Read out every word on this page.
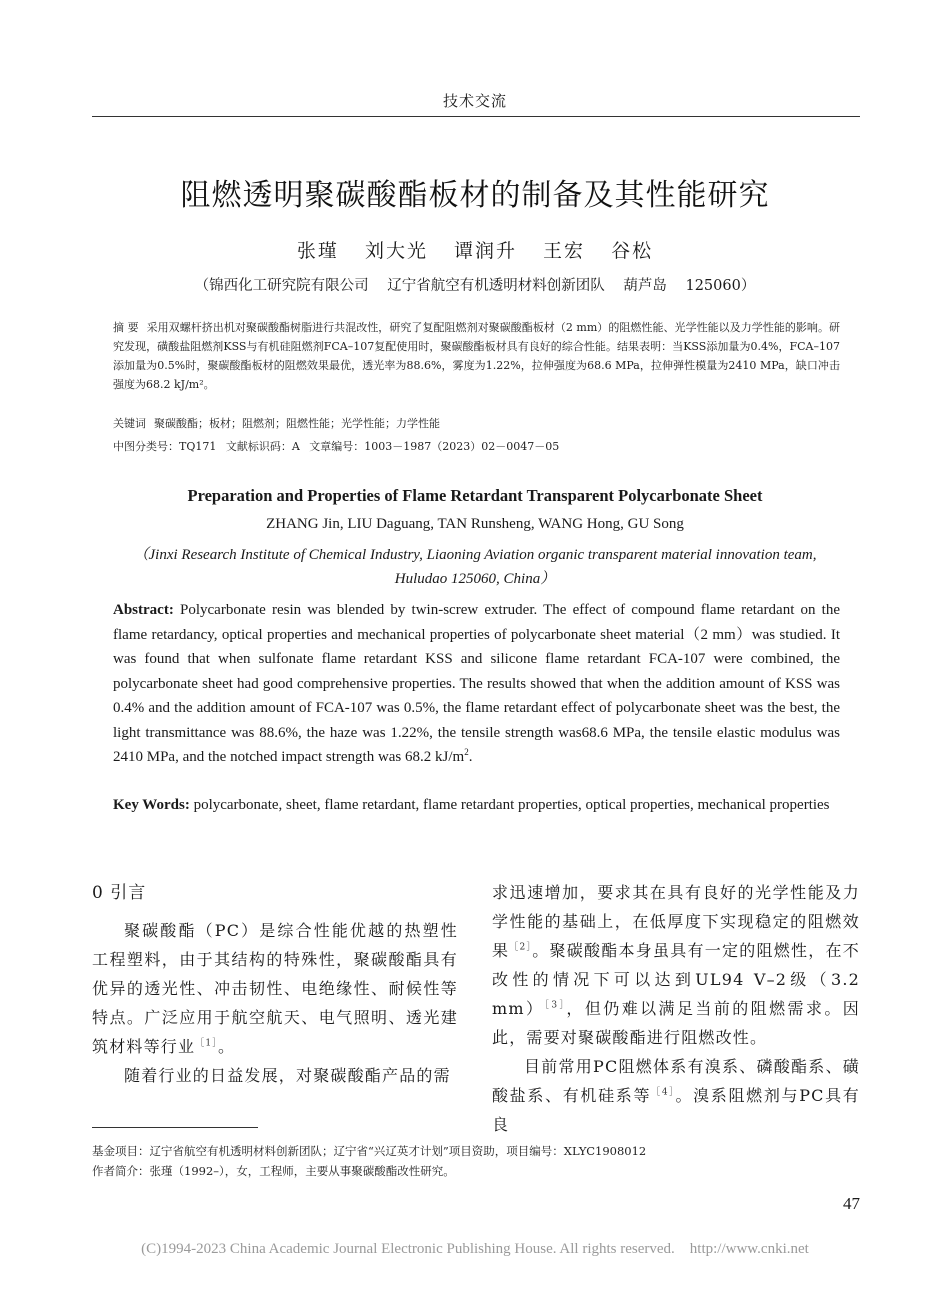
技术交流
阻燃透明聚碳酸酯板材的制备及其性能研究
张瑾 刘大光 谭润升 王宏 谷松
（锦西化工研究院有限公司 辽宁省航空有机透明材料创新团队 葫芦岛 125060）
摘 要 采用双螺杆挤出机对聚碳酸酯树脂进行共混改性，研究了复配阻燃剂对聚碳酸酯板材（2 mm）的阻燃性能、光学性能以及力学性能的影响。研究发现，磺酸盐阻燃剂KSS与有机硅阻燃剂FCA–107复配使用时，聚碳酸酯板材具有良好的综合性能。结果表明：当KSS添加量为0.4%，FCA–107添加量为0.5%时，聚碳酸酯板材的阻燃效果最优，透光率为88.6%，雾度为1.22%，拉伸强度为68.6 MPa，拉伸弹性模量为2410 MPa，缺口冲击强度为68.2 kJ/m²。
关键词 聚碳酸酯；板材；阻燃剂；阻燃性能；光学性能；力学性能
中图分类号：TQ171 文献标识码：A 文章编号：1003－1987（2023）02－0047－05
Preparation and Properties of Flame Retardant Transparent Polycarbonate Sheet
ZHANG Jin, LIU Daguang, TAN Runsheng, WANG Hong, GU Song
（Jinxi Research Institute of Chemical Industry, Liaoning Aviation organic transparent material innovation team, Huludao 125060, China）
Abstract: Polycarbonate resin was blended by twin-screw extruder. The effect of compound flame retardant on the flame retardancy, optical properties and mechanical properties of polycarbonate sheet material（2 mm）was studied. It was found that when sulfonate flame retardant KSS and silicone flame retardant FCA-107 were combined, the polycarbonate sheet had good comprehensive properties. The results showed that when the addition amount of KSS was 0.4% and the addition amount of FCA-107 was 0.5%, the flame retardant effect of polycarbonate sheet was the best, the light transmittance was 88.6%, the haze was 1.22%, the tensile strength was68.6 MPa, the tensile elastic modulus was 2410 MPa, and the notched impact strength was 68.2 $kJ/m^2$.
Key Words: polycarbonate, sheet, flame retardant, flame retardant properties, optical properties, mechanical properties
0 引言

聚碳酸酯（PC）是综合性能优越的热塑性工程塑料，由于其结构的特殊性，聚碳酸酯具有优异的透光性、冲击韧性、电绝缘性、耐候性等特点。广泛应用于航空航天、电气照明、透光建筑材料等行业$^{[1]}$。

随着行业的日益发展，对聚碳酸酯产品的需

求迅速增加，要求其在具有良好的光学性能及力学性能的基础上，在低厚度下实现稳定的阻燃效果$^{[2]}$。聚碳酸酯本身虽具有一定的阻燃性，在不改性的情况下可以达到UL94 V–2级（3.2 mm）$^{[3]}$，但仍难以满足当前的阻燃需求。因此，需要对聚碳酸酯进行阻燃改性。

目前常用PC阻燃体系有溴系、磷酸酯系、磺酸盐系、有机硅系等$^{[4]}$。溴系阻燃剂与PC具有良

基金项目：辽宁省航空有机透明材料创新团队；辽宁省“兴辽英才计划”项目资助，项目编号：XLYC1908012
作者简介：张瑾（1992–），女，工程师，主要从事聚碳酸酯改性研究。
47
(C)1994-2023 China Academic Journal Electronic Publishing House. All rights reserved.    http://www.cnki.net
